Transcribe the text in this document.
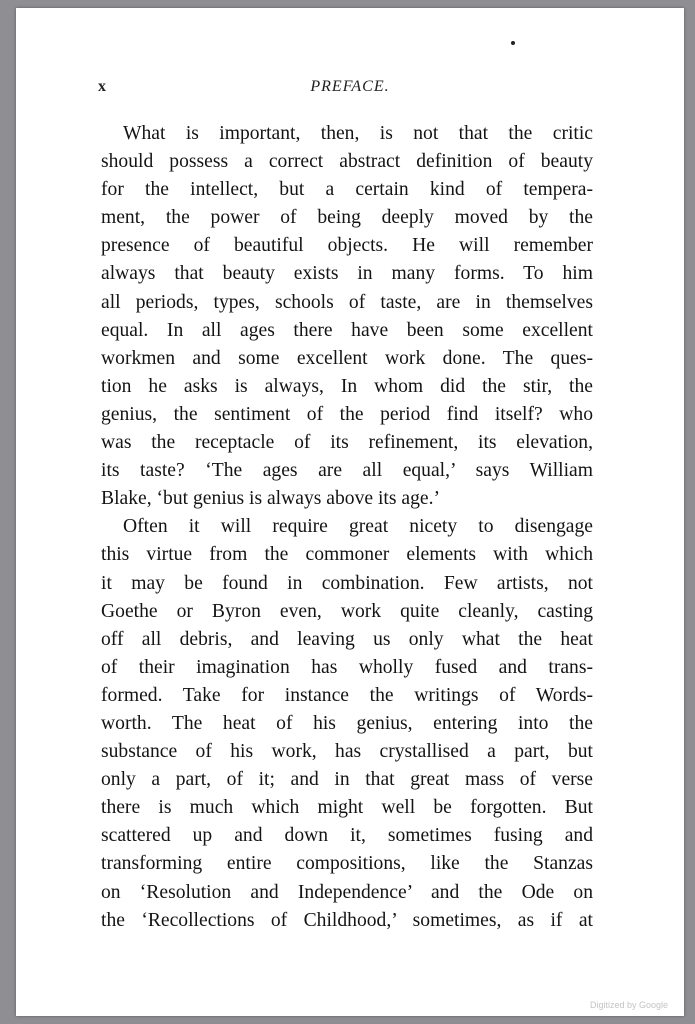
x	PREFACE.
What is important, then, is not that the critic
should possess a correct abstract definition of beauty
for the intellect, but a certain kind of tempera-
ment, the power of being deeply moved by the
presence of beautiful objects. He will remember
always that beauty exists in many forms. To him
all periods, types, schools of taste, are in themselves
equal. In all ages there have been some excellent
workmen and some excellent work done. The ques-
tion he asks is always, In whom did the stir, the
genius, the sentiment of the period find itself? who
was the receptacle of its refinement, its elevation,
its taste? ‘The ages are all equal,’ says William
Blake, ‘but genius is always above its age.’
Often it will require great nicety to disengage
this virtue from the commoner elements with which
it may be found in combination. Few artists, not
Goethe or Byron even, work quite cleanly, casting
off all debris, and leaving us only what the heat
of their imagination has wholly fused and trans-
formed. Take for instance the writings of Words-
worth. The heat of his genius, entering into the
substance of his work, has crystallised a part, but
only a part, of it; and in that great mass of verse
there is much which might well be forgotten. But
scattered up and down it, sometimes fusing and
transforming entire compositions, like the Stanzas
on ‘Resolution and Independence’ and the Ode on
the ‘Recollections of Childhood,’ sometimes, as if at
Digitized by Google
